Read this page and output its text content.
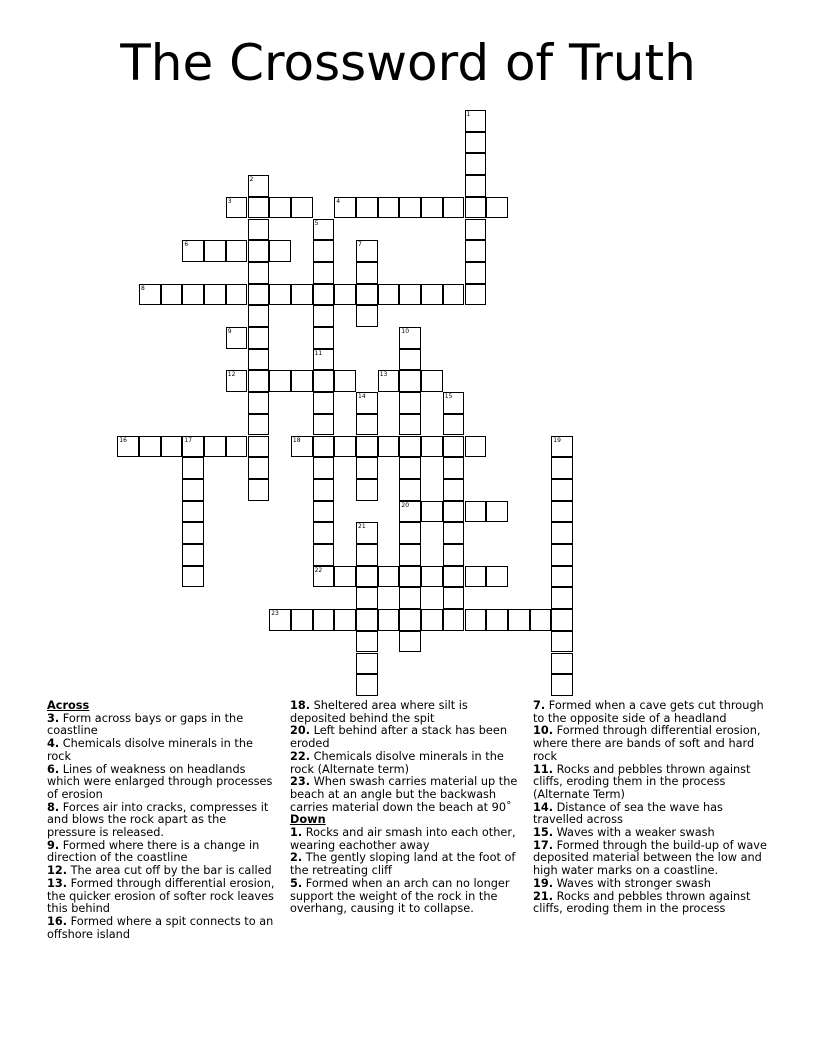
The Crossword of Truth
1
2
3	4
5
11
6	7
8
9	10
20
12	13
14	15
16	17	18	19
21
22
23
Across
3. Form across bays or gaps in the coastline
4. Chemicals disolve minerals in the rock
6. Lines of weakness on headlands which were enlarged through processes of erosion
8. Forces air into cracks, compresses it and blows the rock apart as the pressure is released.
9. Formed where there is a change in direction of the coastline
12. The area cut off by the bar is called
13. Formed through differential erosion, the quicker erosion of softer rock leaves this behind
16. Formed where a spit connects to an offshore island
18. Sheltered area where silt is deposited behind the spit
20. Left behind after a stack has been eroded
22. Chemicals disolve minerals in the rock (Alternate term)
23. When swash carries material up the beach at an angle but the backwash carries material down the beach at 90˚
Down
1. Rocks and air smash into each other, wearing eachother away
2. The gently sloping land at the foot of the retreating cliff
5. Formed when an arch can no longer support the weight of the rock in the overhang, causing it to collapse.
7. Formed when a cave gets cut through to the opposite side of a headland
10. Formed through differential erosion, where there are bands of soft and hard rock
11. Rocks and pebbles thrown against cliffs, eroding them in the process (Alternate Term)
14. Distance of sea the wave has travelled across
15. Waves with a weaker swash
17. Formed through the build-up of wave deposited material between the low and high water marks on a coastline.
19. Waves with stronger swash
21. Rocks and pebbles thrown against cliffs, eroding them in the process
